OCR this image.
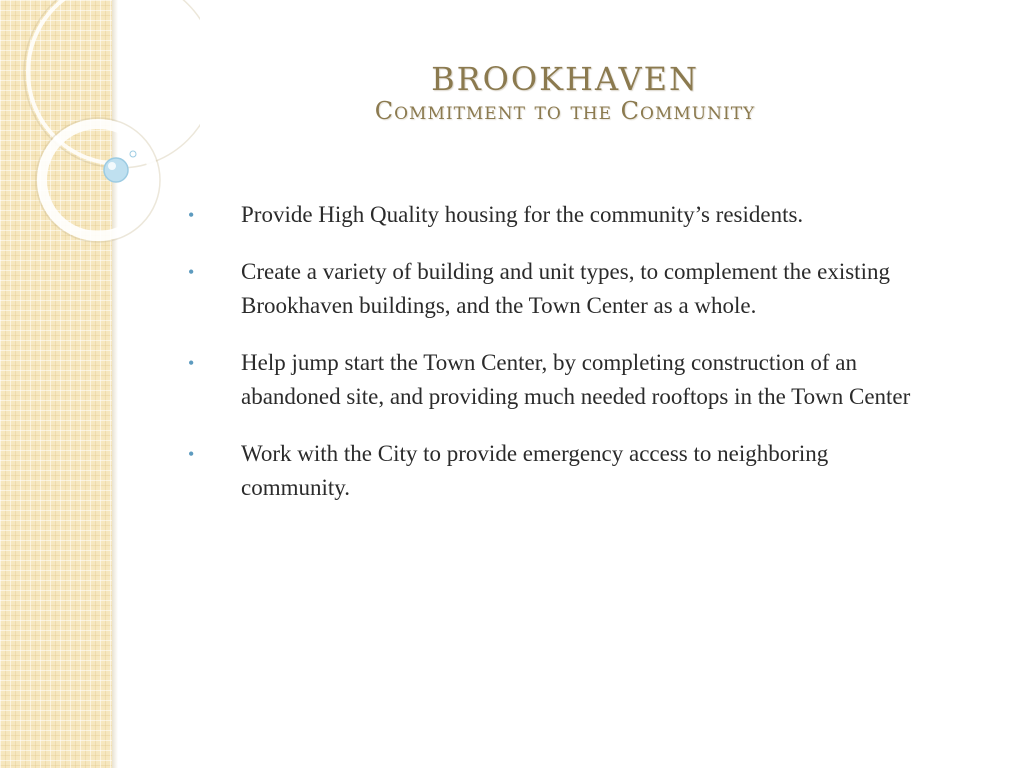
brookhaven
Commitment to the Community
• Provide High Quality housing for the community’s residents.
• Create a variety of building and unit types, to complement the existing Brookhaven buildings, and the Town Center as a whole.
• Help jump start the Town Center, by completing construction of an abandoned site, and providing much needed rooftops in the Town Center
• Work with the City to provide emergency access to neighboring community.
